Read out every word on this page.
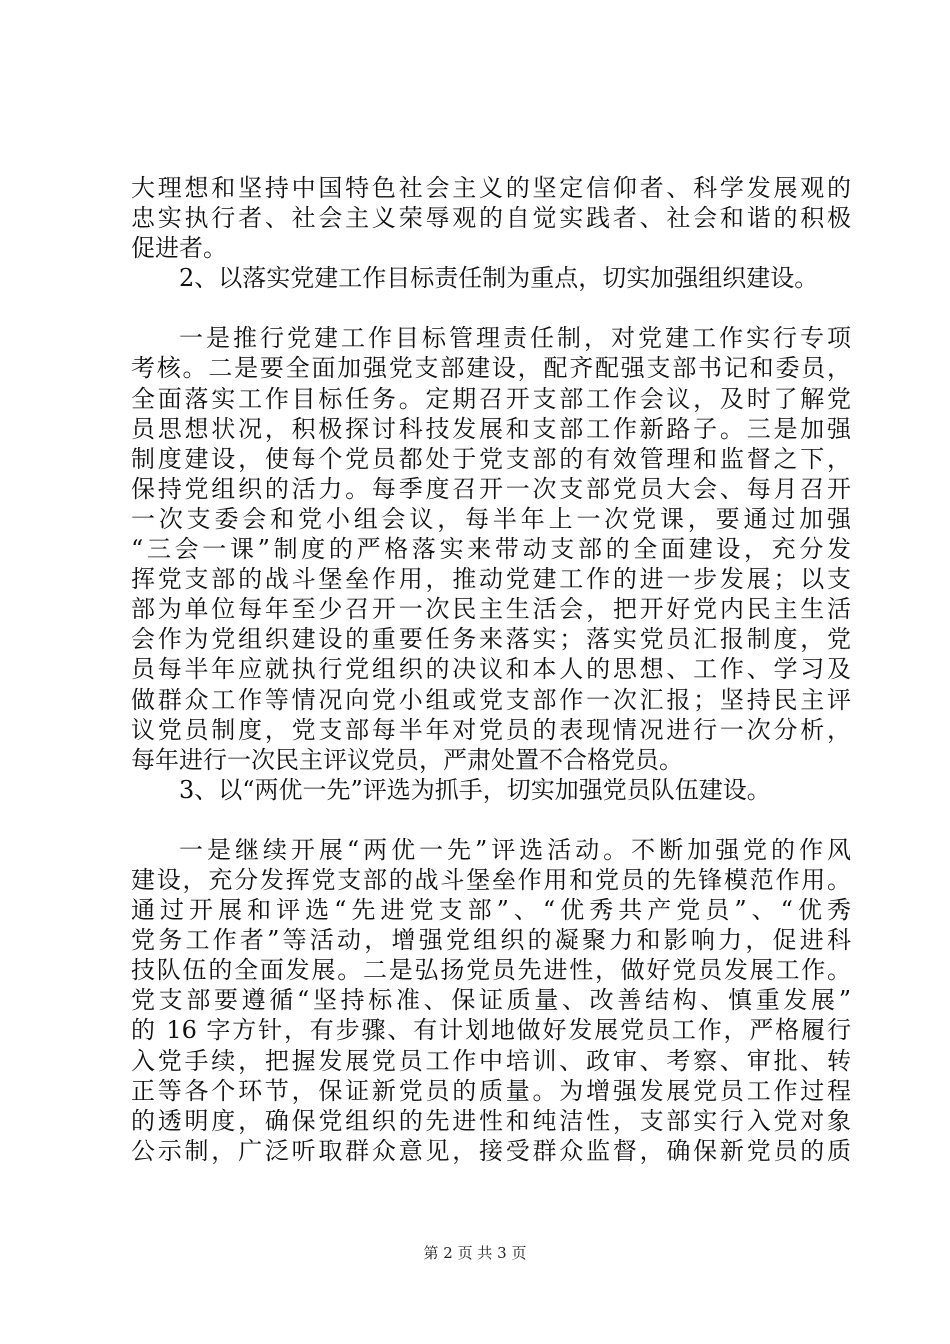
大理想和坚持中国特色社会主义的坚定信仰者、科学发展观的
忠实执行者、社会主义荣辱观的自觉实践者、社会和谐的积极
促进者。
2、以落实党建工作目标责任制为重点，切实加强组织建设。
一是推行党建工作目标管理责任制，对党建工作实行专项
考核。二是要全面加强党支部建设，配齐配强支部书记和委员，
全面落实工作目标任务。定期召开支部工作会议，及时了解党
员思想状况，积极探讨科技发展和支部工作新路子。三是加强
制度建设，使每个党员都处于党支部的有效管理和监督之下，
保持党组织的活力。每季度召开一次支部党员大会、每月召开
一次支委会和党小组会议，每半年上一次党课，要通过加强
“三会一课”制度的严格落实来带动支部的全面建设，充分发
挥党支部的战斗堡垒作用，推动党建工作的进一步发展；以支
部为单位每年至少召开一次民主生活会，把开好党内民主生活
会作为党组织建设的重要任务来落实；落实党员汇报制度，党
员每半年应就执行党组织的决议和本人的思想、工作、学习及
做群众工作等情况向党小组或党支部作一次汇报；坚持民主评
议党员制度，党支部每半年对党员的表现情况进行一次分析，
每年进行一次民主评议党员，严肃处置不合格党员。
3、以“两优一先”评选为抓手，切实加强党员队伍建设。
一是继续开展“两优一先”评选活动。不断加强党的作风
建设，充分发挥党支部的战斗堡垒作用和党员的先锋模范作用。
通过开展和评选“先进党支部”、“优秀共产党员”、“优秀
党务工作者”等活动，增强党组织的凝聚力和影响力，促进科
技队伍的全面发展。二是弘扬党员先进性，做好党员发展工作。
党支部要遵循“坚持标准、保证质量、改善结构、慎重发展”
的 16 字方针，有步骤、有计划地做好发展党员工作，严格履行
入党手续，把握发展党员工作中培训、政审、考察、审批、转
正等各个环节，保证新党员的质量。为增强发展党员工作过程
的透明度，确保党组织的先进性和纯洁性，支部实行入党对象
公示制，广泛听取群众意见，接受群众监督，确保新党员的质
第 2 页 共 3 页
